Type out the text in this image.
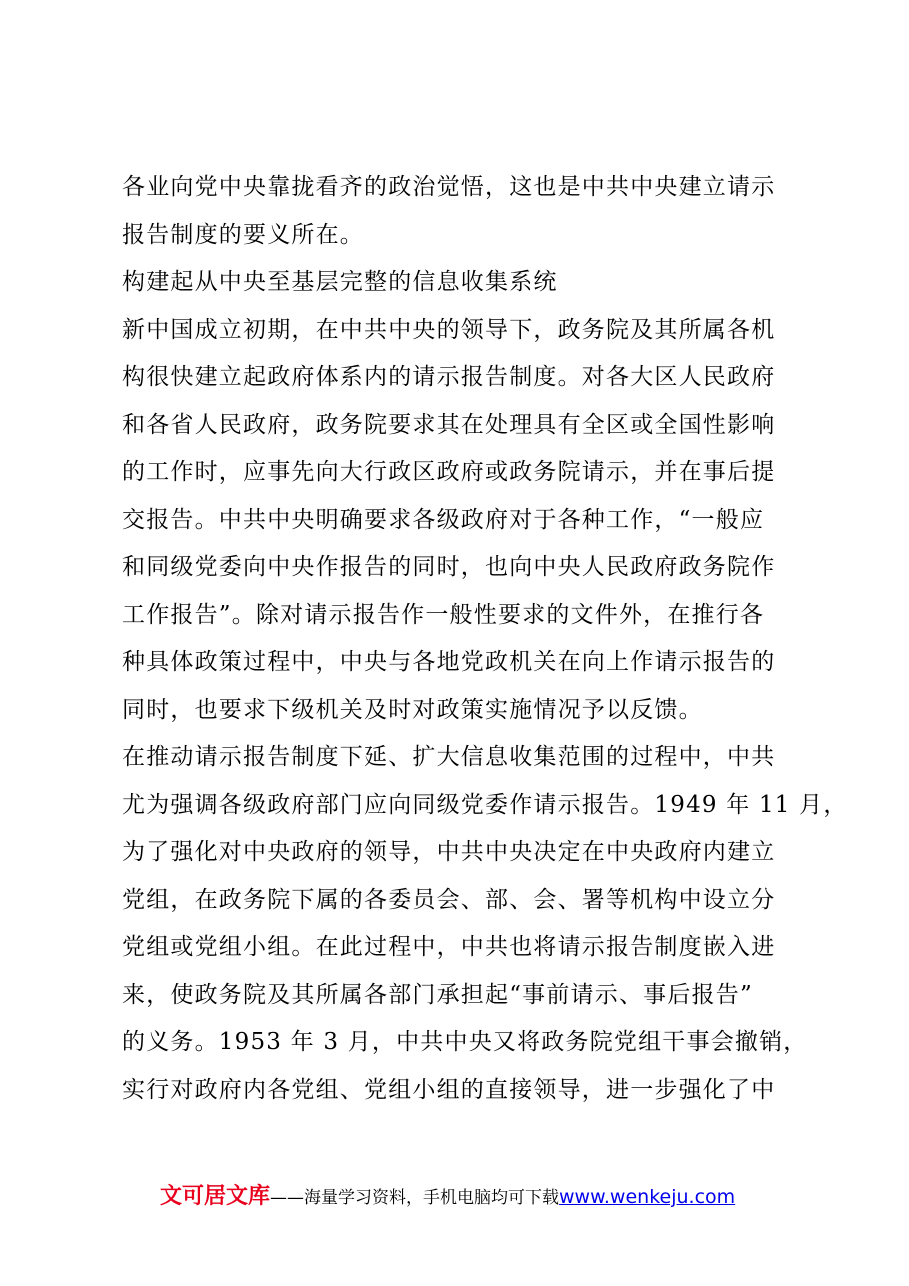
各业向党中央靠拢看齐的政治觉悟，这也是中共中央建立请示
报告制度的要义所在。
构建起从中央至基层完整的信息收集系统
新中国成立初期，在中共中央的领导下，政务院及其所属各机
构很快建立起政府体系内的请示报告制度。对各大区人民政府
和各省人民政府，政务院要求其在处理具有全区或全国性影响
的工作时，应事先向大行政区政府或政务院请示，并在事后提
交报告。中共中央明确要求各级政府对于各种工作，“一般应
和同级党委向中央作报告的同时，也向中央人民政府政务院作
工作报告”。除对请示报告作一般性要求的文件外，在推行各
种具体政策过程中，中央与各地党政机关在向上作请示报告的
同时，也要求下级机关及时对政策实施情况予以反馈。
在推动请示报告制度下延、扩大信息收集范围的过程中，中共
尤为强调各级政府部门应向同级党委作请示报告。1949 年 11 月，
为了强化对中央政府的领导，中共中央决定在中央政府内建立
党组，在政务院下属的各委员会、部、会、署等机构中设立分
党组或党组小组。在此过程中，中共也将请示报告制度嵌入进
来，使政务院及其所属各部门承担起“事前请示、事后报告”
的义务。1953 年 3 月，中共中央又将政务院党组干事会撤销，
实行对政府内各党组、党组小组的直接领导，进一步强化了中
文可居文库——海量学习资料，手机电脑均可下载www.wenkeju.com
